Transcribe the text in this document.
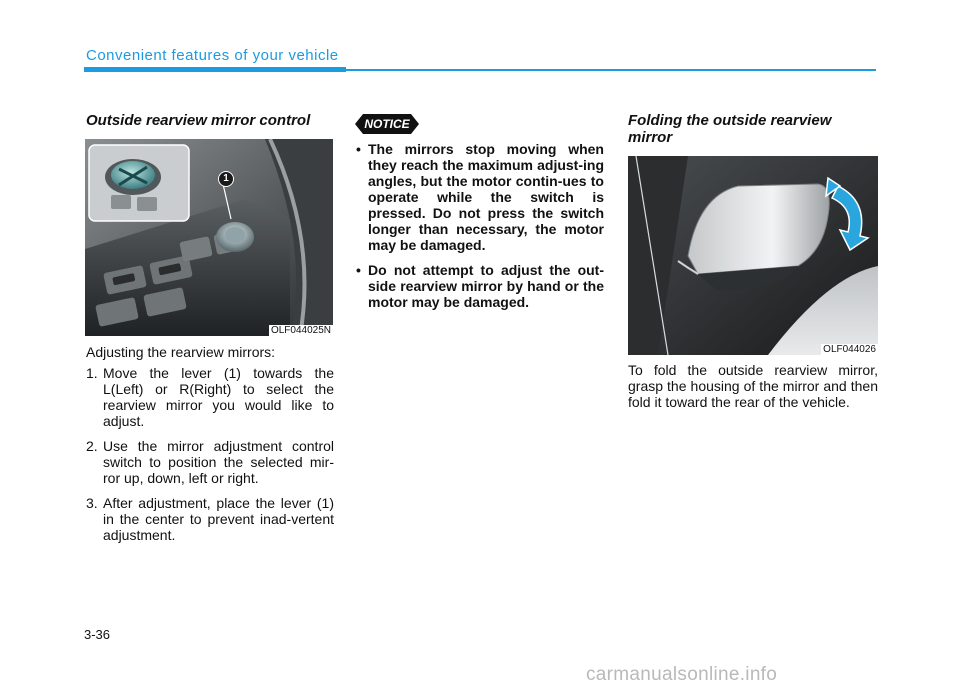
Convenient features of your vehicle
Outside rearview mirror control
1
OLF044025N
Adjusting the rearview mirrors:
1. Move the lever (1) towards the L(Left) or R(Right) to select the rearview mirror you would like to adjust.
2. Use the mirror adjustment control switch to position the selected mir-ror up, down, left or right.
3. After adjustment, place the lever (1) in the center to prevent inad-vertent adjustment.
NOTICE
• The mirrors stop moving when they reach the maximum adjust-ing angles, but the motor contin-ues to operate while the switch is pressed. Do not press the switch longer than necessary, the motor may be damaged.
• Do not attempt to adjust the out-side rearview mirror by hand or the motor may be damaged.
Folding the outside rearview mirror
OLF044026

To fold the outside rearview mirror, grasp the housing of the mirror and then fold it toward the rear of the vehicle.

3-36
carmanualsonline.info
